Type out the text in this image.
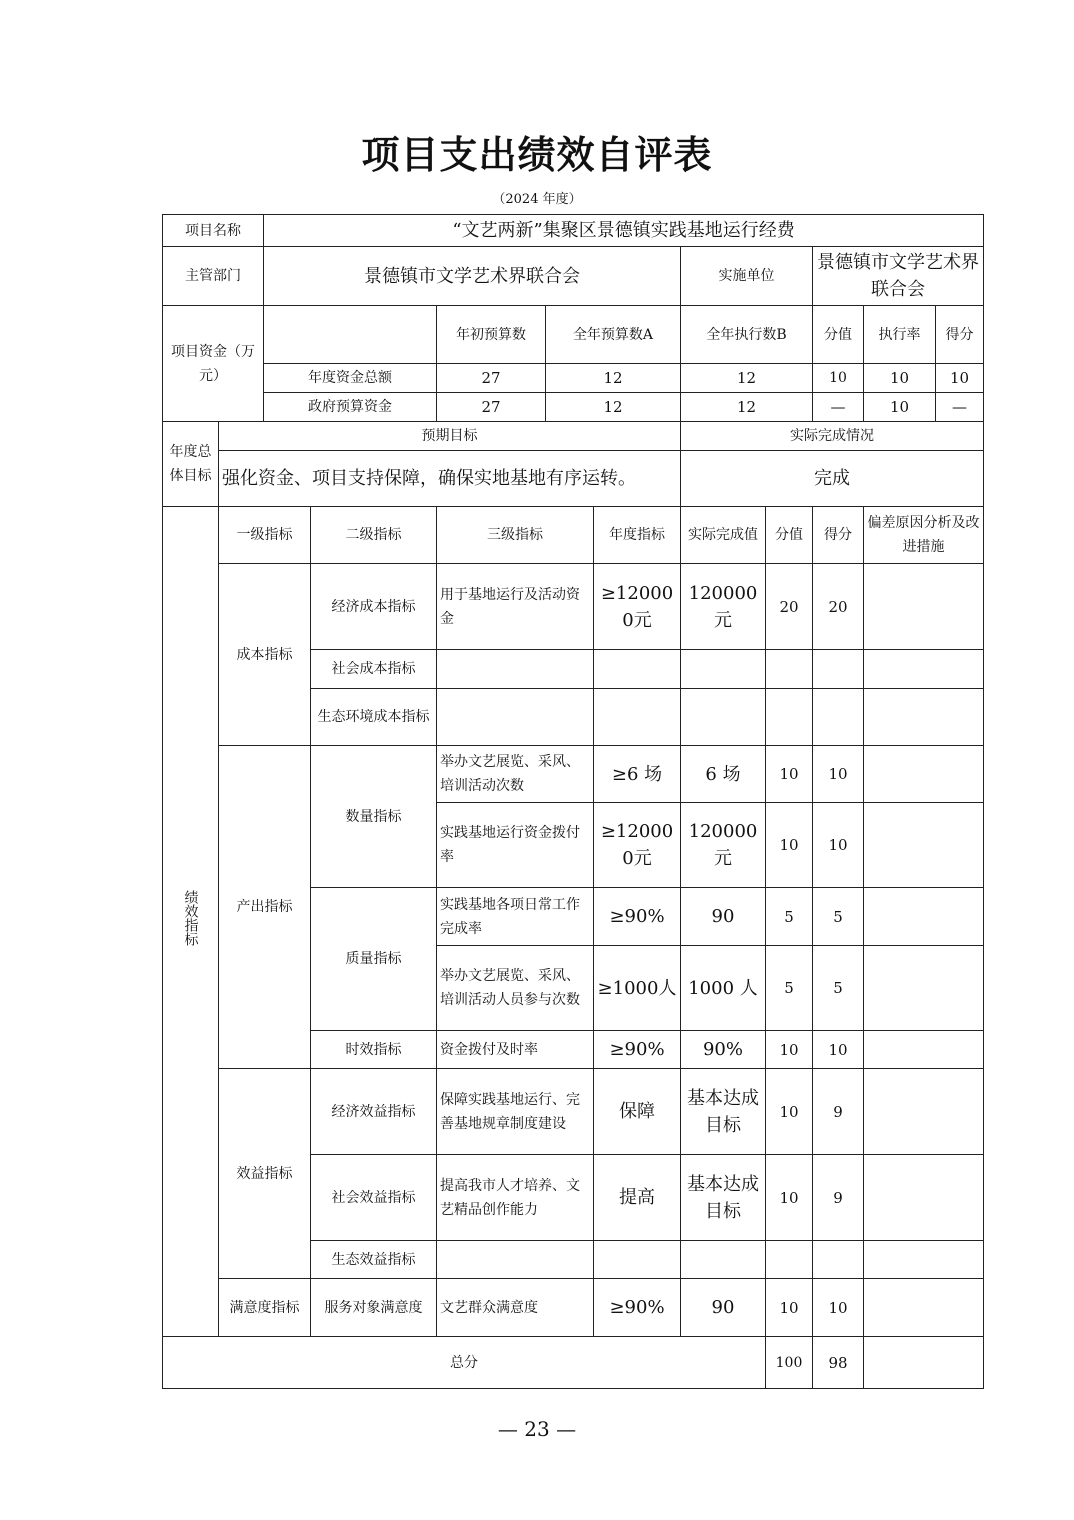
项目支出绩效自评表
（2024 年度）
项目名称		“文艺两新”集聚区景德镇实践基地运行经费									
主管部门		景德镇市文学艺术界联合会					实施单位		景德镇市文学艺术界联合会		
项目资金（万元）				年初预算数	全年预算数A		全年执行数B		分值	执行率	得分
		年度资金总额		27	12		12		10	10	10
		政府预算资金		27	12		12		—	10	—
年度总体目标	预期目标						实际完成情况				
	强化资金、项目支持保障，确保实地基地有序运转。						完成				
绩效指标	一级指标		二级指标	三级指标		年度指标	实际完成值	分值	得分	偏差原因分析及改进措施	
	成本指标		经济成本指标	用于基地运行及活动资金		≥120000元	120000元	20	20		
			社会成本指标								
			生态环境成本指标								
	产出指标		数量指标	举办文艺展览、采风、培训活动次数		≥6 场	6 场	10	10		
				实践基地运行资金拨付率		≥120000元	120000元	10	10		
			质量指标	实践基地各项日常工作完成率		≥90%	90	5	5		
				举办文艺展览、采风、培训活动人员参与次数		≥1000人	1000 人	5	5		
			时效指标	资金拨付及时率		≥90%	90%	10	10		
	效益指标		经济效益指标	保障实践基地运行、完善基地规章制度建设		保障	基本达成目标	10	9		
			社会效益指标	提高我市人才培养、文艺精品创作能力		提高	基本达成目标	10	9		
			生态效益指标								
	满意度指标		服务对象满意度	文艺群众满意度		≥90%	90	10	10		
总分								100	98		
— 23 —
